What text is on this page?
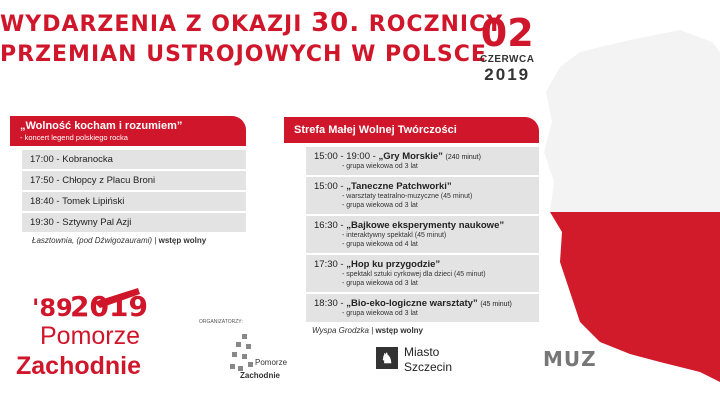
WYDARZENIA Z OKAZJI 30. ROCZNICY
PRZEMIAN USTROJOWYCH W POLSCE
02
CZERWCA
2019
„Wolność kocham i rozumiem”
- koncert legend polskiego rocka
17:00 - Kobranocka
17:50 - Chłopcy z Placu Broni
18:40 - Tomek Lipiński
19:30 - Sztywny Pal Azji
Łasztownia, (pod Dźwigozaurami) | wstęp wolny
Strefa Małej Wolnej Twórczości
15:00 - 19:00 - „Gry Morskie” (240 minut)
- grupa wiekowa od 3 lat
15:00 - „Taneczne Patchworki”
- warsztaty teatralno-muzyczne (45 minut)
- grupa wiekowa od 3 lat
16:30 - „Bajkowe eksperymenty naukowe”
- interaktywny spektakl (45 minut)
- grupa wiekowa od 4 lat
17:30 - „Hop ku przygodzie”
- spektakl sztuki cyrkowej dla dzieci (45 minut)
- grupa wiekowa od 3 lat
18:30 - „Bio-eko-logiczne warsztaty” (45 minut)
- grupa wiekowa od 3 lat
Wyspa Grodzka | wstęp wolny
'89
2019
Pomorze
Zachodnie
ORGANIZATORZY:
Pomorze
Zachodnie
♞ Miasto
Szczecin	MUZ
